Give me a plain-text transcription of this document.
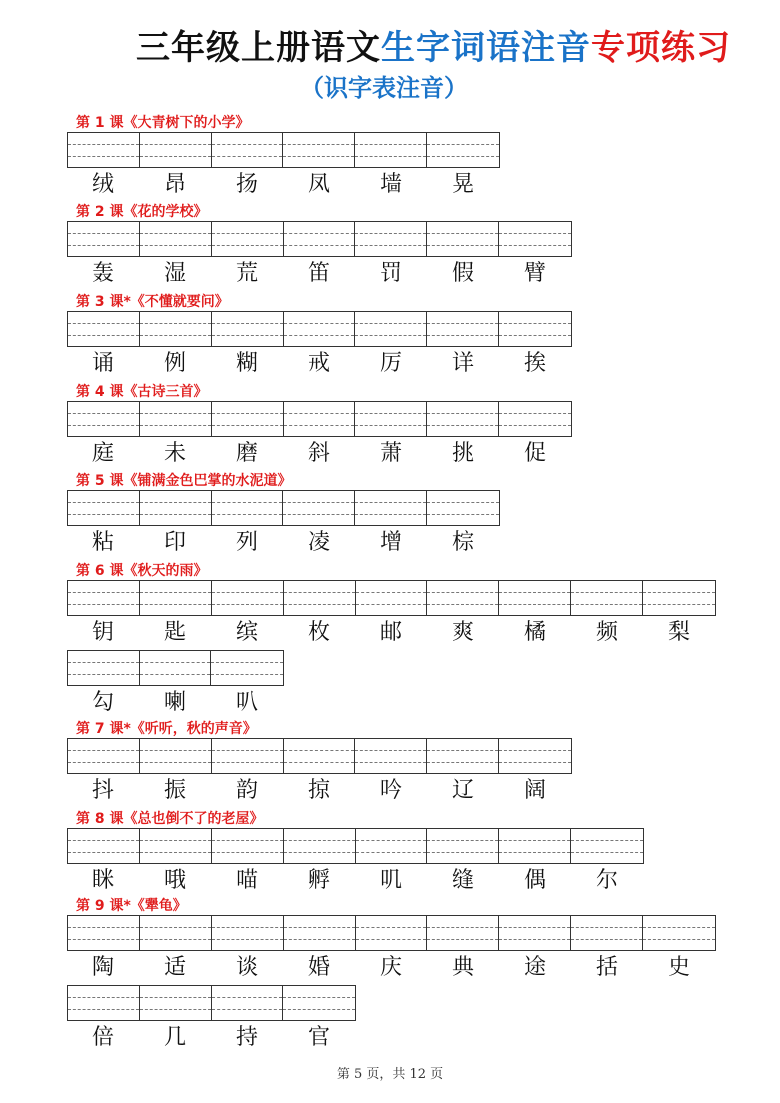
三年级上册语文生字词语注音专项练习
（识字表注音）
第 1 课《大青树下的小学》
绒	昂	扬	凤	墙	晃
第 2 课《花的学校》
轰	湿	荒	笛	罚	假	臂
第 3 课*《不懂就要问》
诵	例	糊	戒	厉	详	挨
第 4 课《古诗三首》
庭	未	磨	斜	萧	挑	促
第 5 课《铺满金色巴掌的水泥道》
粘	印	列	凌	增	棕
第 6 课《秋天的雨》
钥	匙	缤	枚	邮	爽	橘	频	梨
勾	喇	叭
第 7 课*《听听，秋的声音》
抖	振	韵	掠	吟	辽	阔
第 8 课《总也倒不了的老屋》
眯	哦	喵	孵	叽	缝	偶	尔
第 9 课*《犟龟》
陶	适	谈	婚	庆	典	途	括	史
倍	几	持	官
第 5 页，共 12 页
